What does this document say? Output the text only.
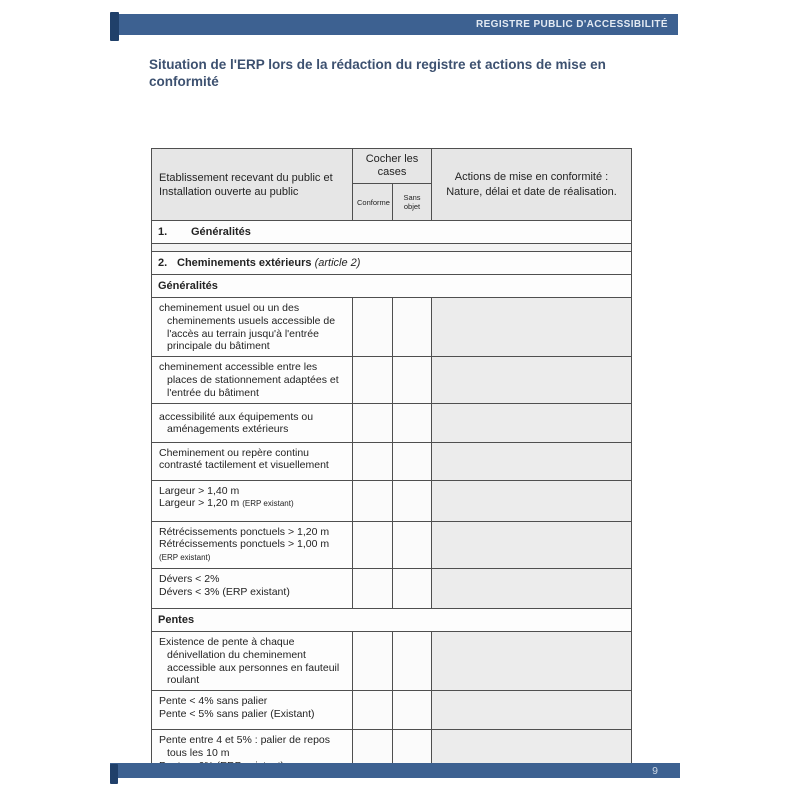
REGISTRE PUBLIC D'ACCESSIBILITÉ
Situation de l'ERP lors de la rédaction du registre et actions de mise en conformité
Etablissement recevant du public et Installation ouverte au public	Cocher les cases		Actions de mise en conformité : Nature, délai et date de réalisation.
	Conforme	Sans objet	
1. Généralités			

2. Cheminements extérieurs (article 2)			
Généralités			

cheminement usuel ou un des cheminements usuels accessible de l'accès au terrain jusqu'à l'entrée principale du bâtiment			

cheminement accessible entre les places de stationnement adaptées et l'entrée du bâtiment			

accessibilité aux équipements ou aménagements extérieurs			

Cheminement ou repère continu contrasté tactilement et visuellement			

Largeur > 1,40 m
Largeur > 1,20 m (ERP existant)			

Rétrécissements ponctuels > 1,20 m
Rétrécissements ponctuels > 1,00 m (ERP existant)			

Dévers < 2%
Dévers < 3% (ERP existant)			

Pentes			

Existence de pente à chaque dénivellation du cheminement accessible aux personnes en fauteuil roulant			

Pente < 4% sans palier
Pente < 5% sans palier (Existant)			

Pente entre 4 et 5% : palier de repos tous les 10 m			

9
